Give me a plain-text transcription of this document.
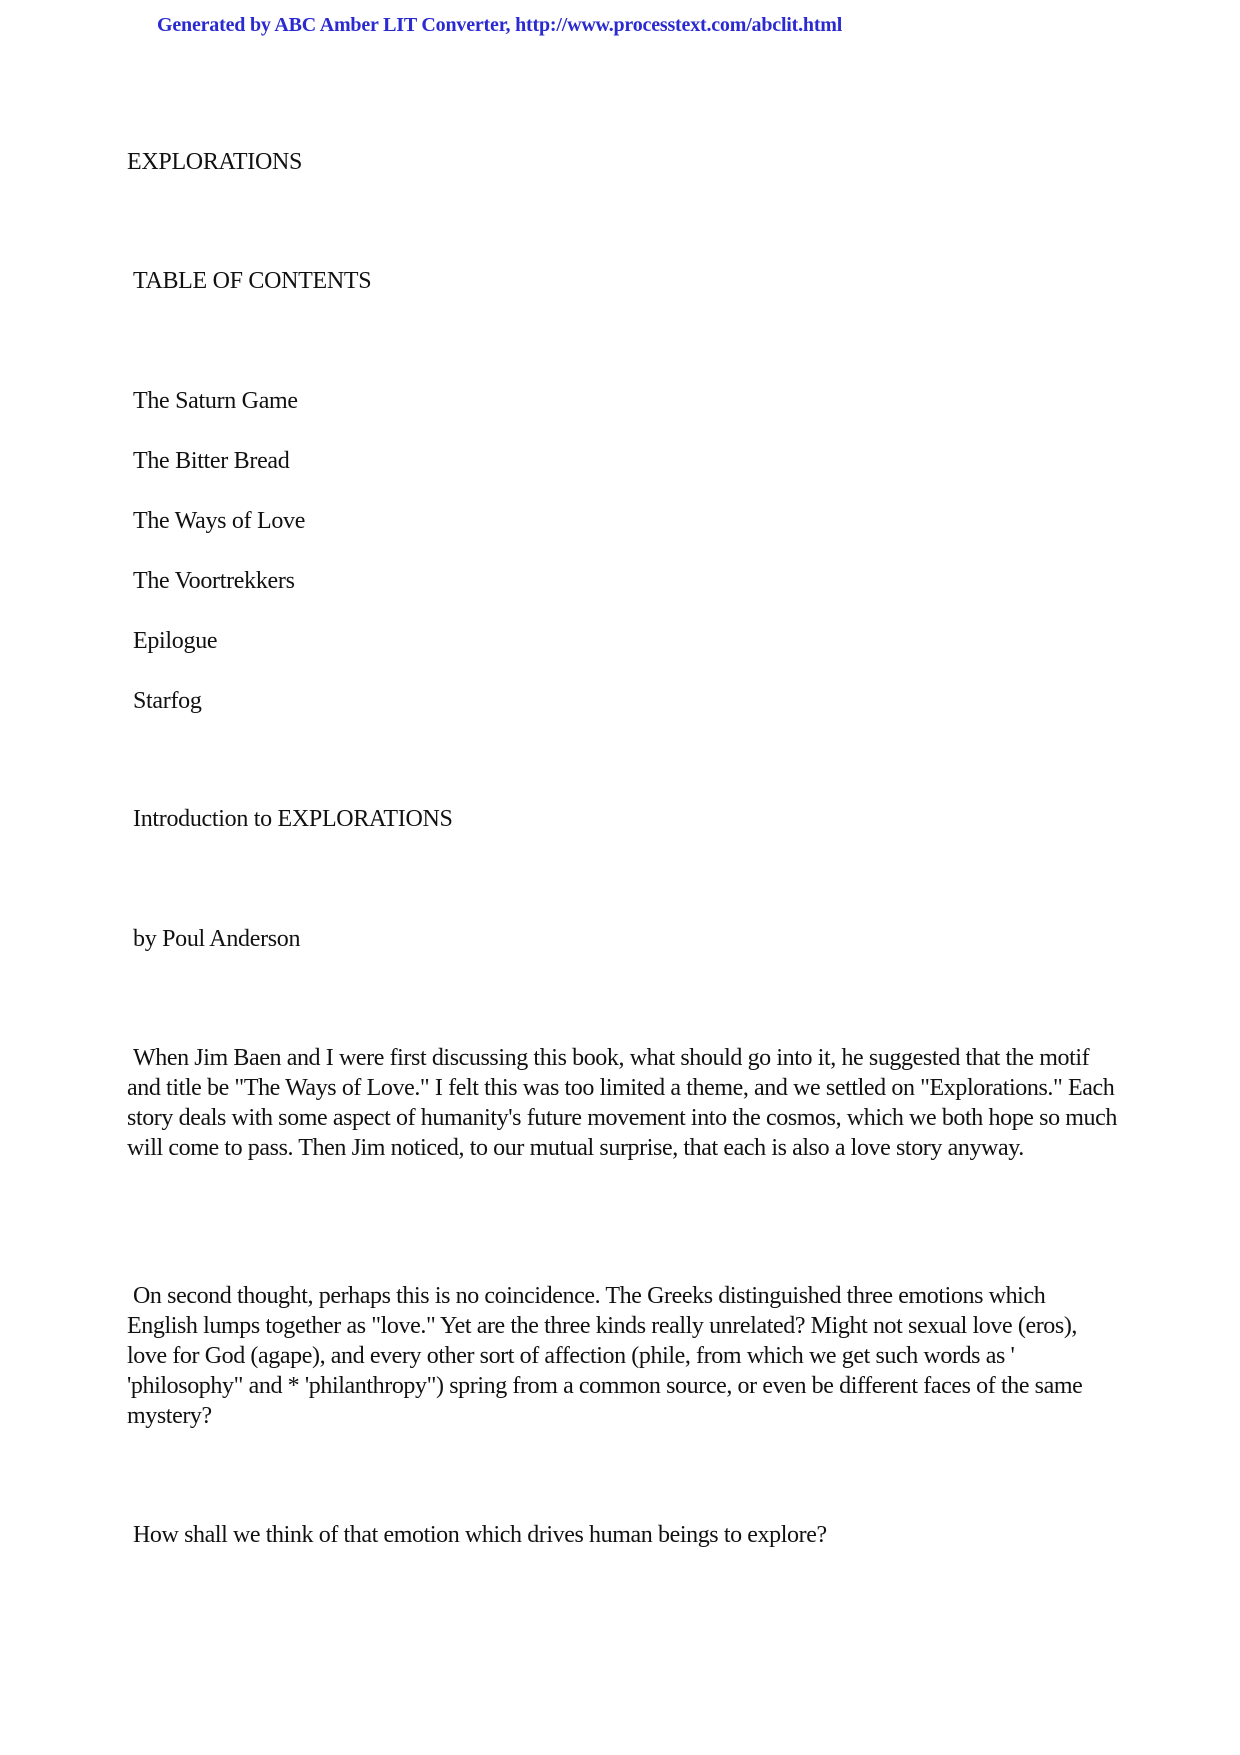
Generated by ABC Amber LIT Converter, http://www.processtext.com/abclit.html
EXPLORATIONS
TABLE OF CONTENTS
The Saturn Game
The Bitter Bread
The Ways of Love
The Voortrekkers
Epilogue
Starfog
Introduction to EXPLORATIONS
by Poul Anderson

When Jim Baen and I were first discussing this book, what should go into it, he suggested that the motif and title be "The Ways of Love." I felt this was too limited a theme, and we settled on "Explorations." Each story deals with some aspect of humanity's future movement into the cosmos, which we both hope so much will come to pass. Then Jim noticed, to our mutual surprise, that each is also a love story anyway.

On second thought, perhaps this is no coincidence. The Greeks distinguished three emotions which English lumps together as "love." Yet are the three kinds really unrelated? Might not sexual love (eros), love for God (agape), and every other sort of affection (phile, from which we get such words as ' 'philosophy" and * 'philanthropy") spring from a common source, or even be different faces of the same mystery?

How shall we think of that emotion which drives human beings to explore?
